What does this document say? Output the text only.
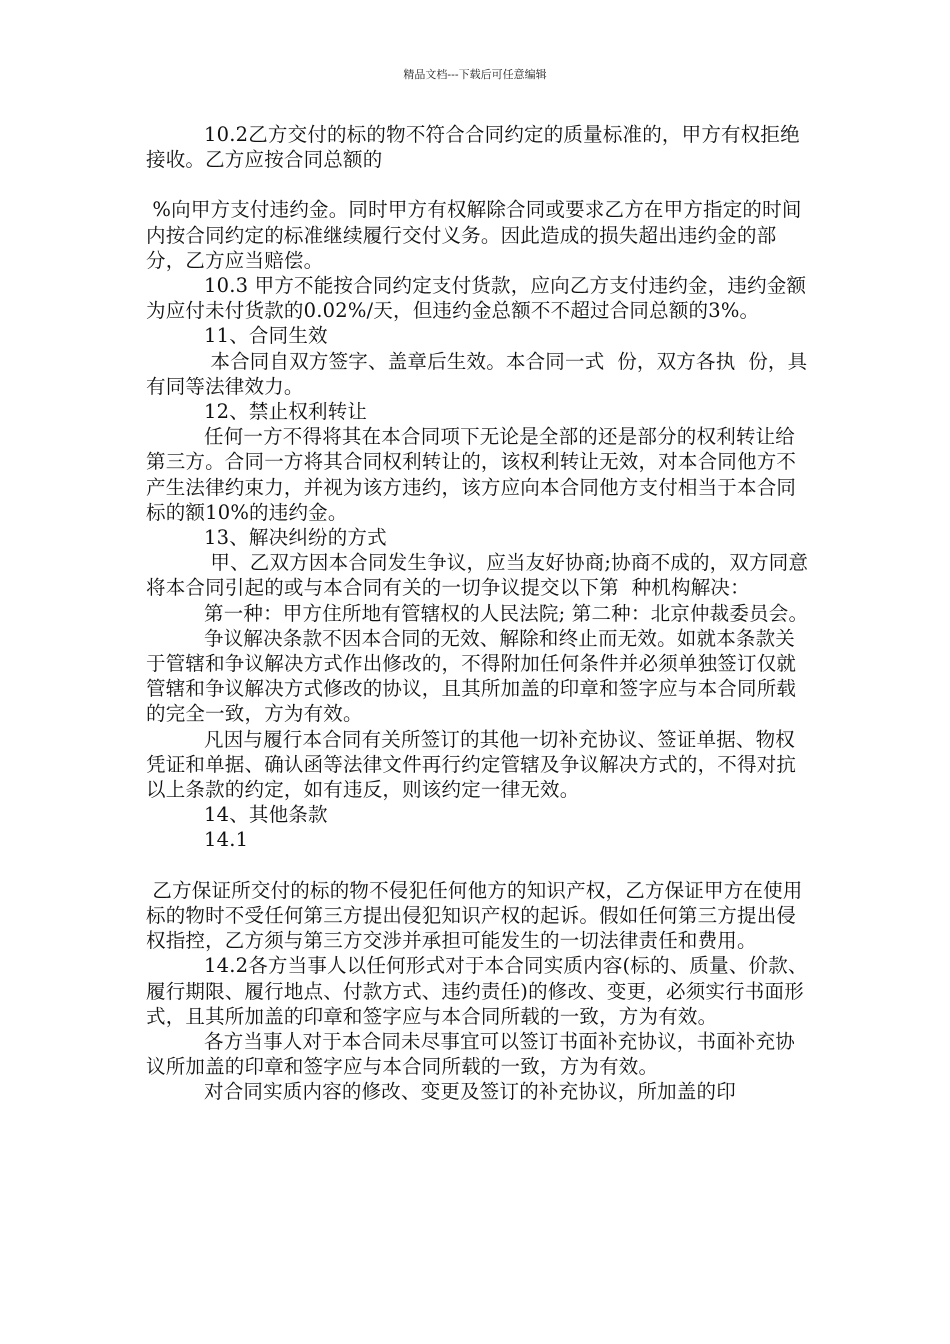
精品文档---下载后可任意编辑

10.2乙方交付的标的物不符合合同约定的质量标准的，甲方有权拒绝接收。乙方应按合同总额的

%向甲方支付违约金。同时甲方有权解除合同或要求乙方在甲方指定的时间内按合同约定的标准继续履行交付义务。因此造成的损失超出违约金的部分，乙方应当赔偿。

10.3 甲方不能按合同约定支付货款，应向乙方支付违约金，违约金额为应付未付货款的0.02%/天，但违约金总额不不超过合同总额的3%。

11、合同生效

本合同自双方签字、盖章后生效。本合同一式  份，双方各执  份，具有同等法律效力。

12、禁止权利转让

任何一方不得将其在本合同项下无论是全部的还是部分的权利转让给第三方。合同一方将其合同权利转让的，该权利转让无效，对本合同他方不产生法律约束力，并视为该方违约，该方应向本合同他方支付相当于本合同标的额10%的违约金。

13、解决纠纷的方式

甲、乙双方因本合同发生争议，应当友好协商;协商不成的，双方同意将本合同引起的或与本合同有关的一切争议提交以下第  种机构解决：

第一种：甲方住所地有管辖权的人民法院; 第二种：北京仲裁委员会。

争议解决条款不因本合同的无效、解除和终止而无效。如就本条款关于管辖和争议解决方式作出修改的，不得附加任何条件并必须单独签订仅就管辖和争议解决方式修改的协议，且其所加盖的印章和签字应与本合同所载的完全一致，方为有效。

凡因与履行本合同有关所签订的其他一切补充协议、签证单据、物权凭证和单据、确认函等法律文件再行约定管辖及争议解决方式的，不得对抗以上条款的约定，如有违反，则该约定一律无效。

14、其他条款

14.1

乙方保证所交付的标的物不侵犯任何他方的知识产权，乙方保证甲方在使用标的物时不受任何第三方提出侵犯知识产权的起诉。假如任何第三方提出侵权指控，乙方须与第三方交涉并承担可能发生的一切法律责任和费用。

14.2各方当事人以任何形式对于本合同实质内容(标的、质量、价款、履行期限、履行地点、付款方式、违约责任)的修改、变更，必须实行书面形式，且其所加盖的印章和签字应与本合同所载的一致，方为有效。

各方当事人对于本合同未尽事宜可以签订书面补充协议，书面补充协议所加盖的印章和签字应与本合同所载的一致，方为有效。

对合同实质内容的修改、变更及签订的补充协议，所加盖的印
